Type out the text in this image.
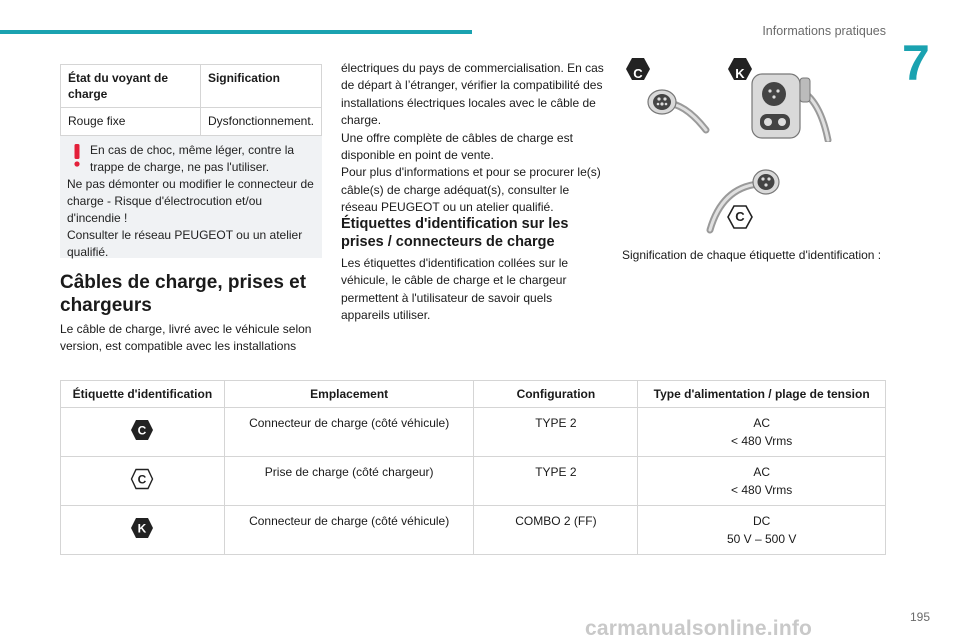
Informations pratiques
7
État du voyant de charge	Signification
Rouge fixe	Dysfonctionnement.
En cas de choc, même léger, contre la trappe de charge, ne pas l'utiliser.
Ne pas démonter ou modifier le connecteur de charge - Risque d'électrocution et/ou d'incendie !
Consulter le réseau PEUGEOT ou un atelier qualifié.
Câbles de charge, prises et chargeurs
Le câble de charge, livré avec le véhicule selon version, est compatible avec les installations
électriques du pays de commercialisation. En cas de départ à l’étranger, vérifier la compatibilité des installations électriques locales avec le câble de charge.
Une offre complète de câbles de charge est disponible en point de vente.
Pour plus d'informations et pour se procurer le(s) câble(s) de charge adéquat(s), consulter le réseau PEUGEOT ou un atelier qualifié.
Étiquettes d'identification sur les prises / connecteurs de charge
Les étiquettes d'identification collées sur le véhicule, le câble de charge et le chargeur permettent à l'utilisateur de savoir quels appareils utiliser.
C	K
C
Signification de chaque étiquette d'identification :
Étiquette d'identification	Emplacement	Configuration	Type d'alimentation / plage de tension

C	Connecteur de charge (côté véhicule)	TYPE 2	AC
< 480 Vrms

C	Prise de charge (côté chargeur)	TYPE 2	AC
< 480 Vrms

K	Connecteur de charge (côté véhicule)	COMBO 2 (FF)	DC
50 V – 500 V
195
carmanualsonline.info
